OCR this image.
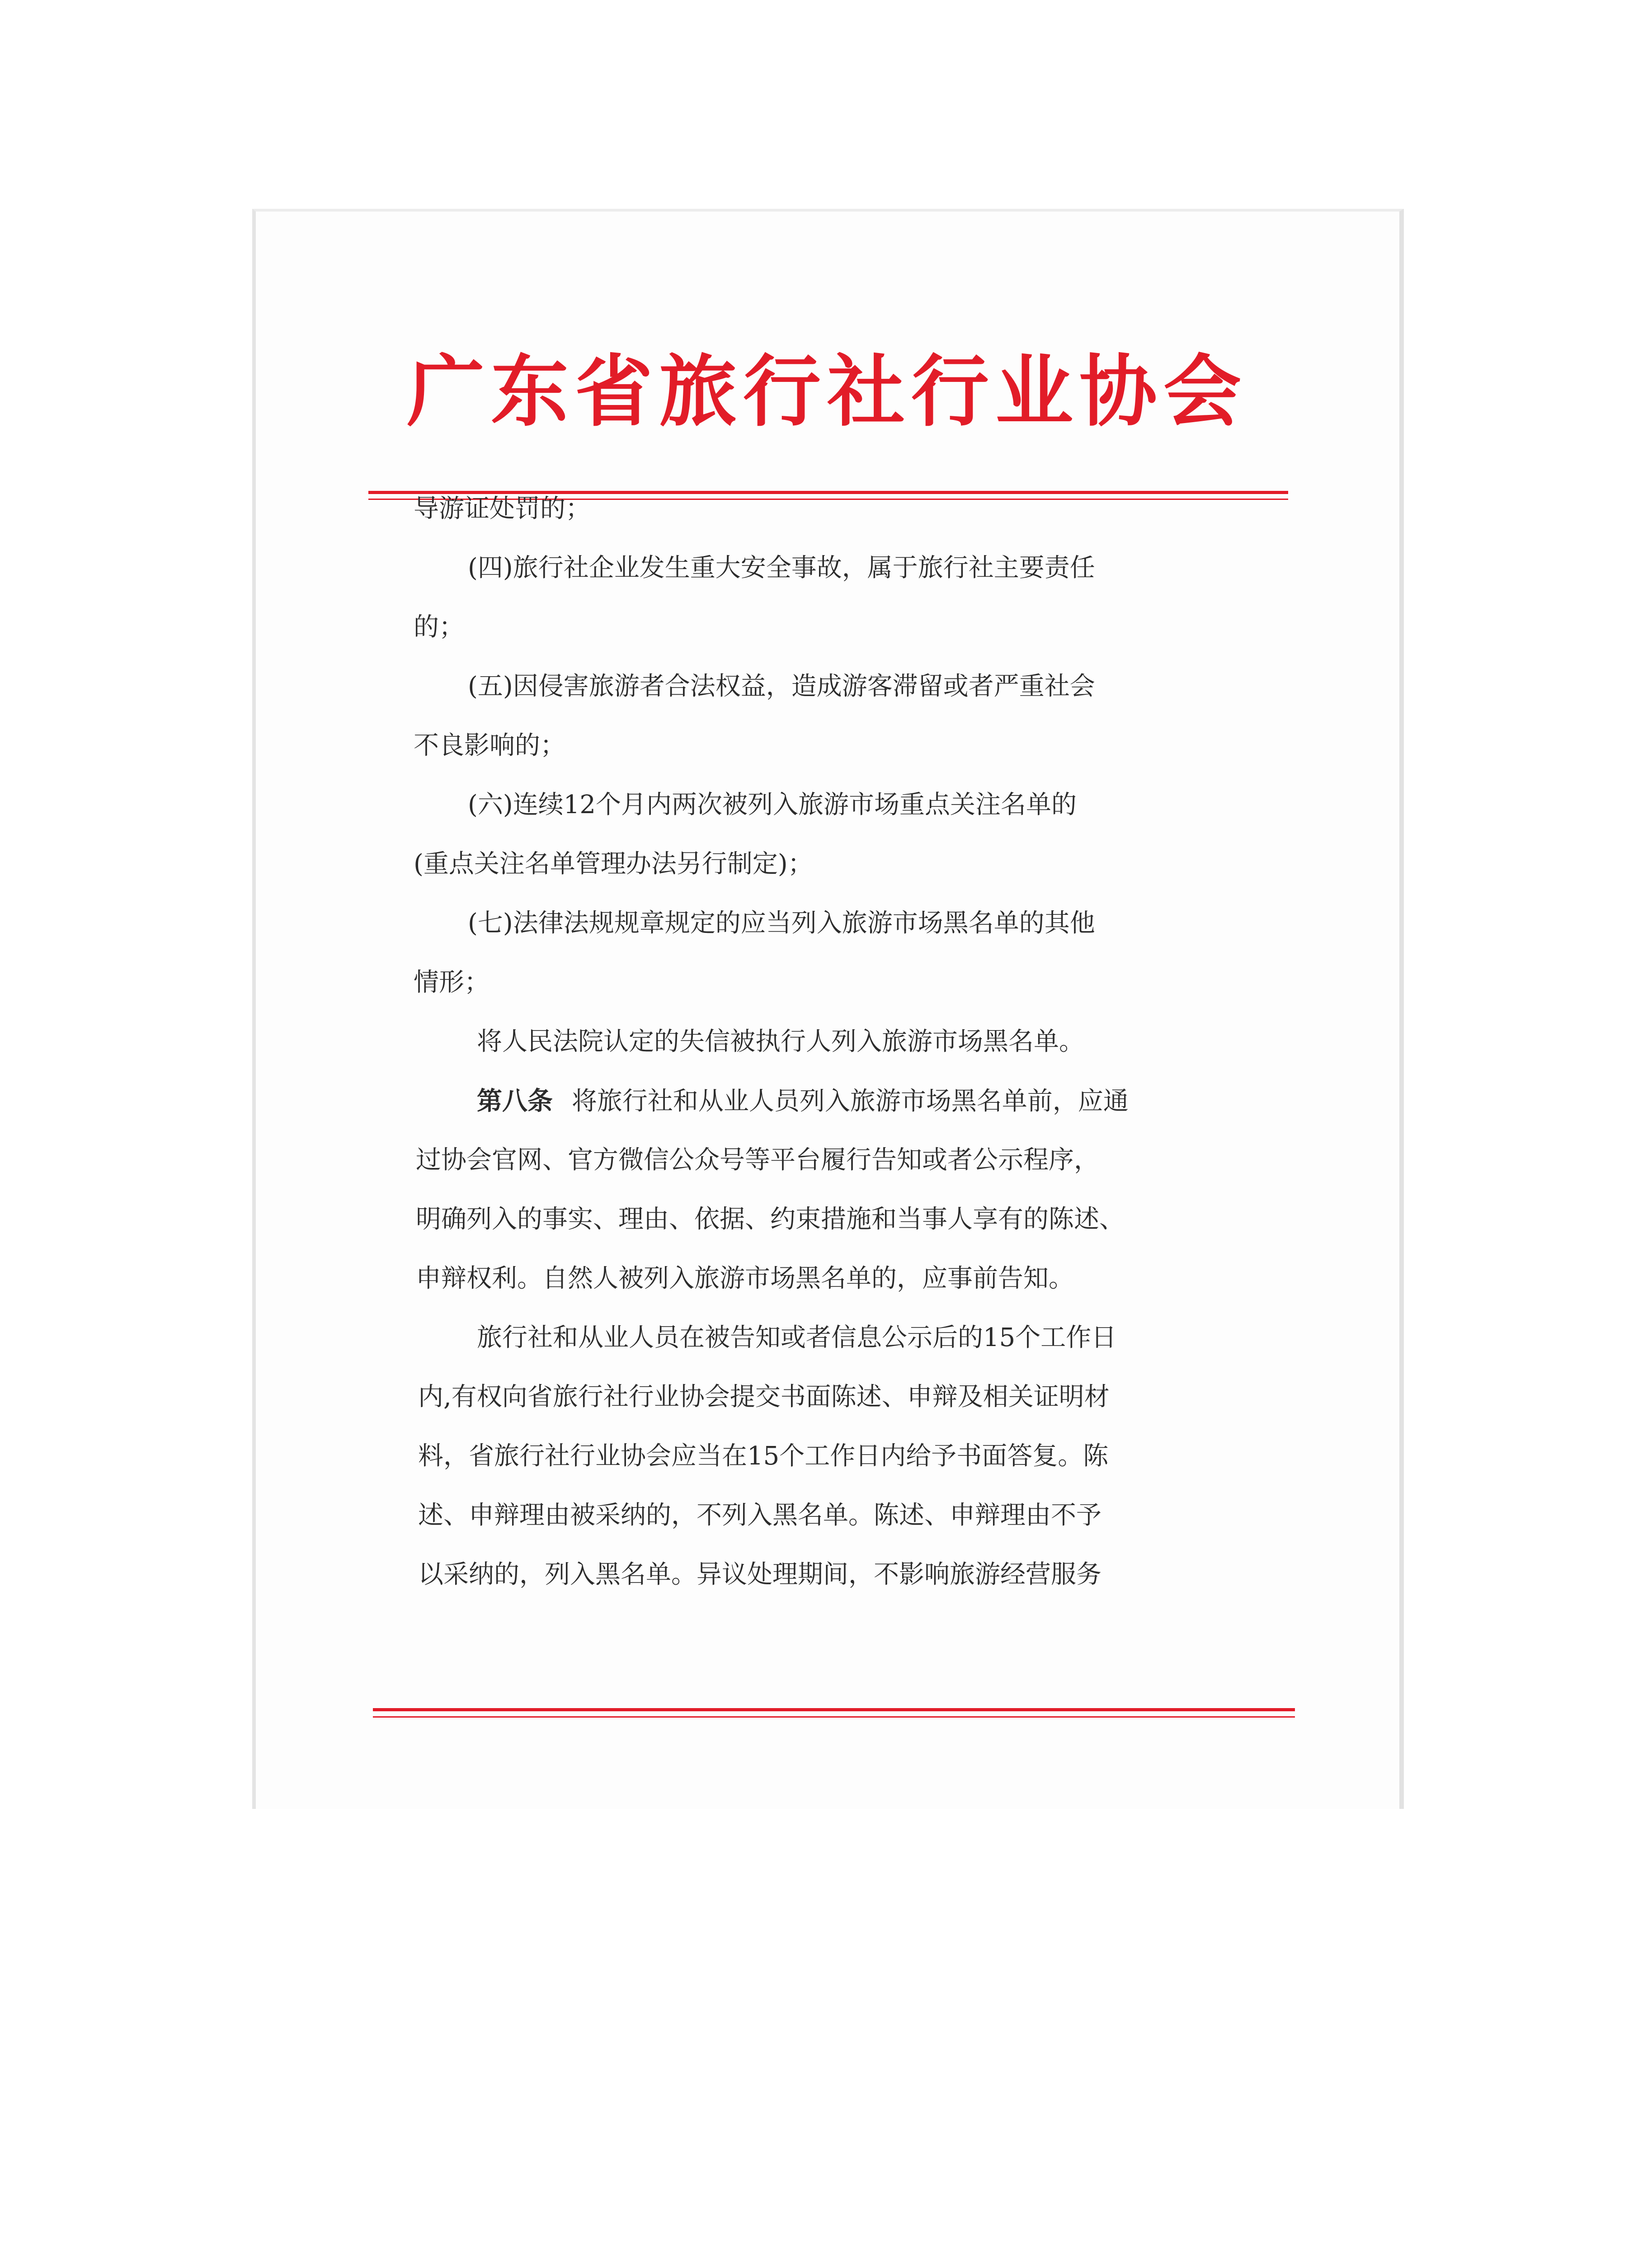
广东省旅行社行业协会
导游证处罚的；
(四)旅行社企业发生重大安全事故，属于旅行社主要责任
的；
(五)因侵害旅游者合法权益，造成游客滞留或者严重社会
不良影响的；
(六)连续12个月内两次被列入旅游市场重点关注名单的
(重点关注名单管理办法另行制定)；
(七)法律法规规章规定的应当列入旅游市场黑名单的其他
情形；
将人民法院认定的失信被执行人列入旅游市场黑名单。
第八条 将旅行社和从业人员列入旅游市场黑名单前，应通
过协会官网、官方微信公众号等平台履行告知或者公示程序，
明确列入的事实、理由、依据、约束措施和当事人享有的陈述、
申辩权利。自然人被列入旅游市场黑名单的，应事前告知。
旅行社和从业人员在被告知或者信息公示后的15个工作日
内,有权向省旅行社行业协会提交书面陈述、申辩及相关证明材
料，省旅行社行业协会应当在15个工作日内给予书面答复。陈
述、申辩理由被采纳的，不列入黑名单。陈述、申辩理由不予
以采纳的，列入黑名单。异议处理期间，不影响旅游经营服务
